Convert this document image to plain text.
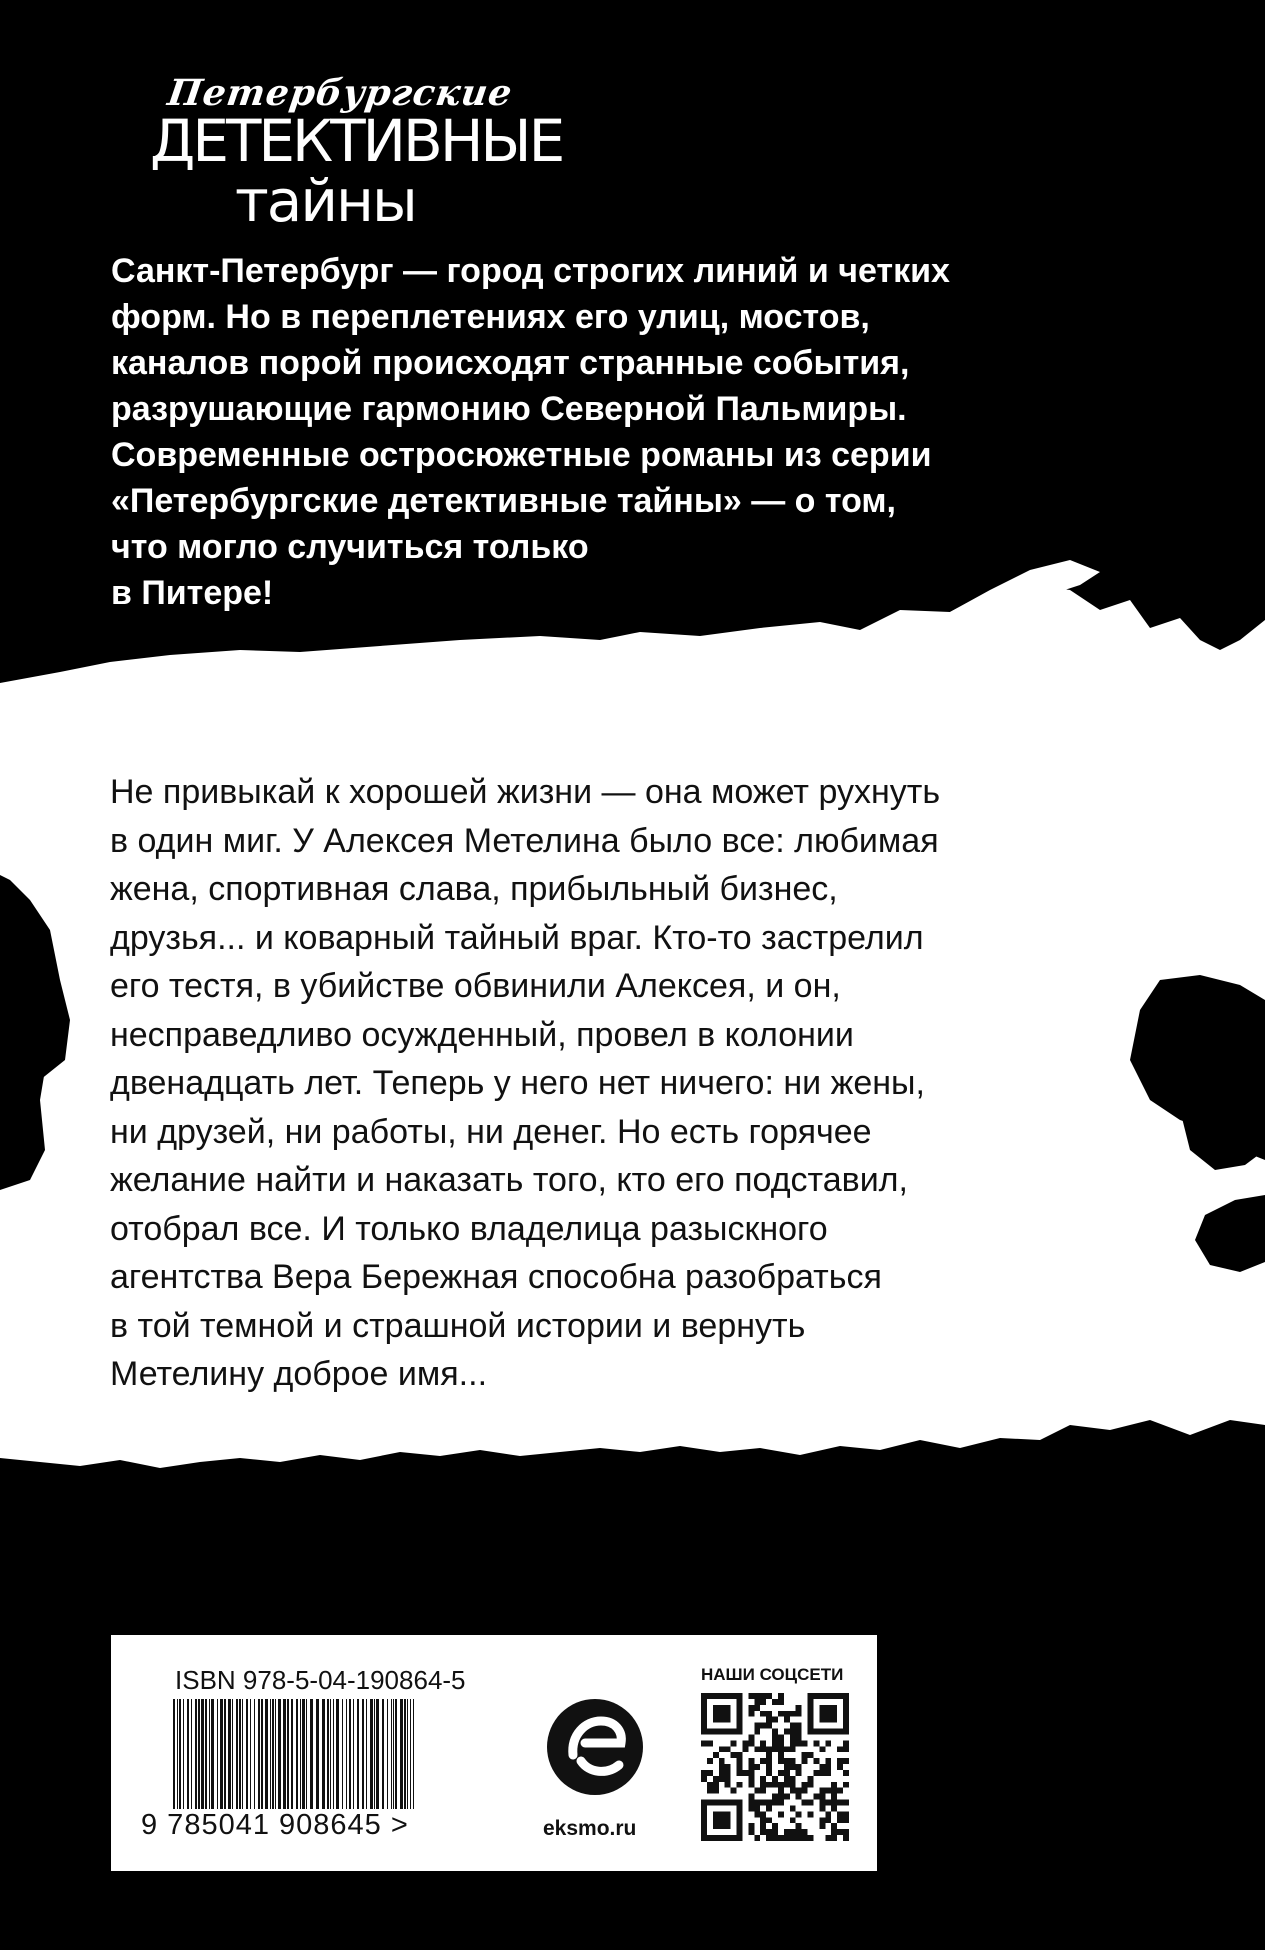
Петербургские
ДЕТЕКТИВНЫЕ
тайны
Санкт-Петербург — город строгих линий и четких
форм. Но в переплетениях его улиц, мостов,
каналов порой происходят странные события,
разрушающие гармонию Северной Пальмиры.
Современные остросюжетные романы из серии
«Петербургские детективные тайны» — о том,
что могло случиться только
в Питере!
Не привыкай к хорошей жизни — она может рухнуть
в один миг. У Алексея Метелина было все: любимая
жена, спортивная слава, прибыльный бизнес,
друзья... и коварный тайный враг. Кто-то застрелил
его тестя, в убийстве обвинили Алексея, и он,
несправедливо осужденный, провел в колонии
двенадцать лет. Теперь у него нет ничего: ни жены,
ни друзей, ни работы, ни денег. Но есть горячее
желание найти и наказать того, кто его подставил,
отобрал все. И только владелица разыскного
агентства Вера Бережная способна разобраться
в той темной и страшной истории и вернуть
Метелину доброе имя...
ISBN 978-5-04-190864-5
9 785041 908645 >	eksmo.ru
НАШИ СОЦСЕТИ
